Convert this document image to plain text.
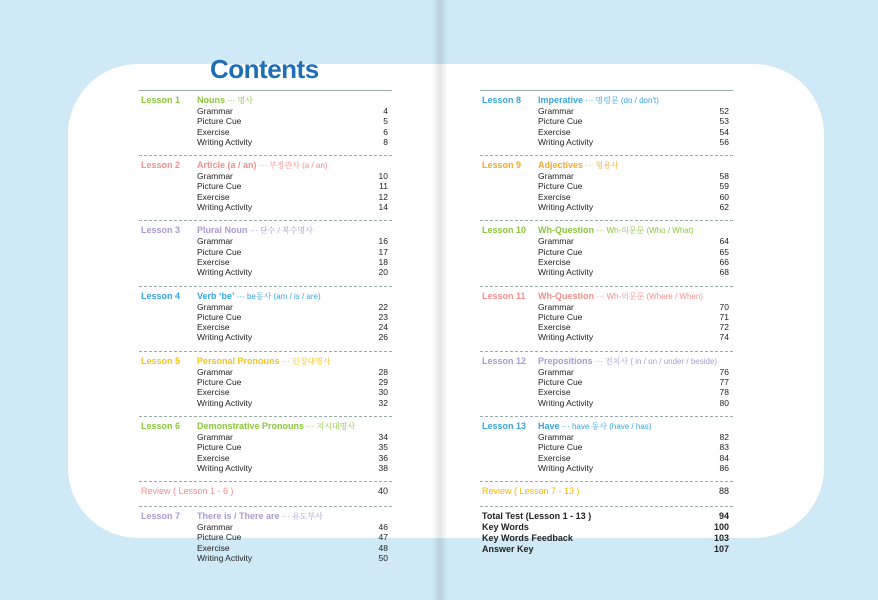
Contents
Lesson 1 Nouns ··· 명사
Grammar	4
Picture Cue	5
Exercise	6
Writing Activity	8
Lesson 2 Article (a / an) ··· 부정관사 (a / an)
Grammar	10
Picture Cue	11
Exercise	12
Writing Activity	14
Lesson 3 Plural Noun ··· 단수 / 복수명사
Grammar	16
Picture Cue	17
Exercise	18
Writing Activity	20
Lesson 4 Verb ‘be’ ··· be동사 (am / is / are)
Grammar	22
Picture Cue	23
Exercise	24
Writing Activity	26
Lesson 5 Personal Pronouns ··· 인칭대명사
Grammar	28
Picture Cue	29
Exercise	30
Writing Activity	32
Lesson 6 Demonstrative Pronouns ··· 지시대명사
Grammar	34
Picture Cue	35
Exercise	36
Writing Activity	38
Review ( Lesson 1 - 6 )	40
Lesson 7 There is / There are ··· 유도부사
Grammar	46
Picture Cue	47
Exercise	48
Writing Activity	50
Lesson 8 Imperative ··· 명령문 (do / don't)
Grammar	52
Picture Cue	53
Exercise	54
Writing Activity	56
Lesson 9 Adjectives ··· 형용사
Grammar	58
Picture Cue	59
Exercise	60
Writing Activity	62
Lesson 10 Wh-Question ··· Wh-의문문 (Who / What)
Grammar	64
Picture Cue	65
Exercise	66
Writing Activity	68
Lesson 11 Wh-Question ··· Wh-의문문 (Where / When)
Grammar	70
Picture Cue	71
Exercise	72
Writing Activity	74
Lesson 12 Prepositions ··· 전치사 ( in / on / under / beside)
Grammar	76
Picture Cue	77
Exercise	78
Writing Activity	80
Lesson 13 Have ··· have 동사 (have / has)
Grammar	82
Picture Cue	83
Exercise	84
Writing Activity	86
Review ( Lesson 7 - 13 )	88
Total Test (Lesson 1 - 13 )	94
Key Words	100
Key Words Feedback	103
Answer Key	107
